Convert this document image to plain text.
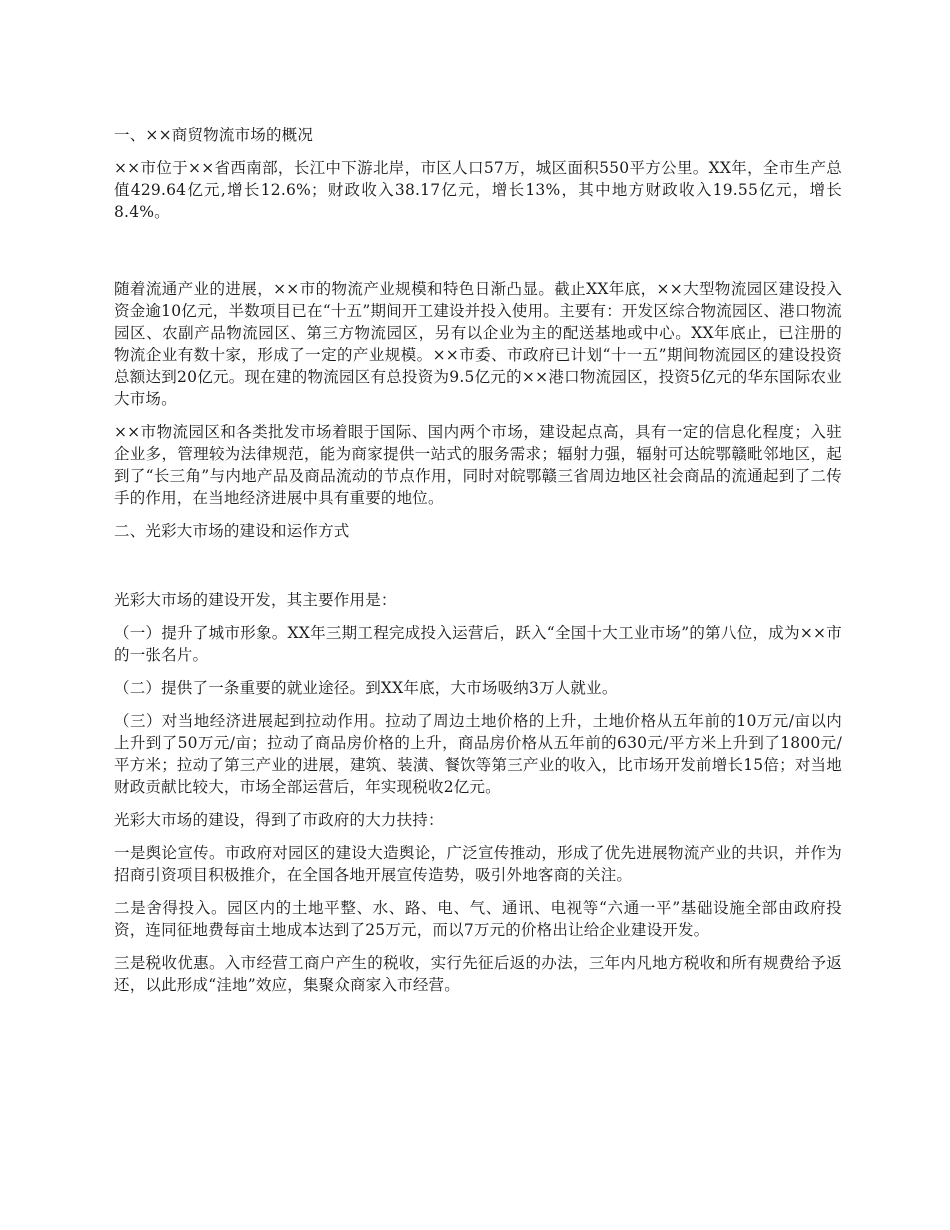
一、××商贸物流市场的概况
××市位于××省西南部，长江中下游北岸，市区人口57万，城区面积550平方公里。XX年，全市生产总值429.64亿元,增长12.6%；财政收入38.17亿元，增长13%，其中地方财政收入19.55亿元，增长8.4%。
随着流通产业的进展，××市的物流产业规模和特色日渐凸显。截止XX年底，××大型物流园区建设投入资金逾10亿元，半数项目已在“十五”期间开工建设并投入使用。主要有：开发区综合物流园区、港口物流园区、农副产品物流园区、第三方物流园区，另有以企业为主的配送基地或中心。XX年底止，已注册的物流企业有数十家，形成了一定的产业规模。××市委、市政府已计划“十一五”期间物流园区的建设投资总额达到20亿元。现在建的物流园区有总投资为9.5亿元的××港口物流园区，投资5亿元的华东国际农业大市场。
××市物流园区和各类批发市场着眼于国际、国内两个市场，建设起点高，具有一定的信息化程度；入驻企业多，管理较为法律规范，能为商家提供一站式的服务需求；辐射力强，辐射可达皖鄂赣毗邻地区，起到了“长三角”与内地产品及商品流动的节点作用，同时对皖鄂赣三省周边地区社会商品的流通起到了二传手的作用，在当地经济进展中具有重要的地位。
二、光彩大市场的建设和运作方式
光彩大市场的建设开发，其主要作用是：
（一）提升了城市形象。XX年三期工程完成投入运营后，跃入“全国十大工业市场”的第八位，成为××市的一张名片。
（二）提供了一条重要的就业途径。到XX年底，大市场吸纳3万人就业。
（三）对当地经济进展起到拉动作用。拉动了周边土地价格的上升，土地价格从五年前的10万元/亩以内上升到了50万元/亩；拉动了商品房价格的上升，商品房价格从五年前的630元/平方米上升到了1800元/平方米；拉动了第三产业的进展，建筑、装潢、餐饮等第三产业的收入，比市场开发前增长15倍；对当地财政贡献比较大，市场全部运营后，年实现税收2亿元。
光彩大市场的建设，得到了市政府的大力扶持：
一是舆论宣传。市政府对园区的建设大造舆论，广泛宣传推动，形成了优先进展物流产业的共识，并作为招商引资项目积极推介，在全国各地开展宣传造势，吸引外地客商的关注。
二是舍得投入。园区内的土地平整、水、路、电、气、通讯、电视等“六通一平”基础设施全部由政府投资，连同征地费每亩土地成本达到了25万元，而以7万元的价格出让给企业建设开发。
三是税收优惠。入市经营工商户产生的税收，实行先征后返的办法，三年内凡地方税收和所有规费给予返还，以此形成“洼地”效应，集聚众商家入市经营。
